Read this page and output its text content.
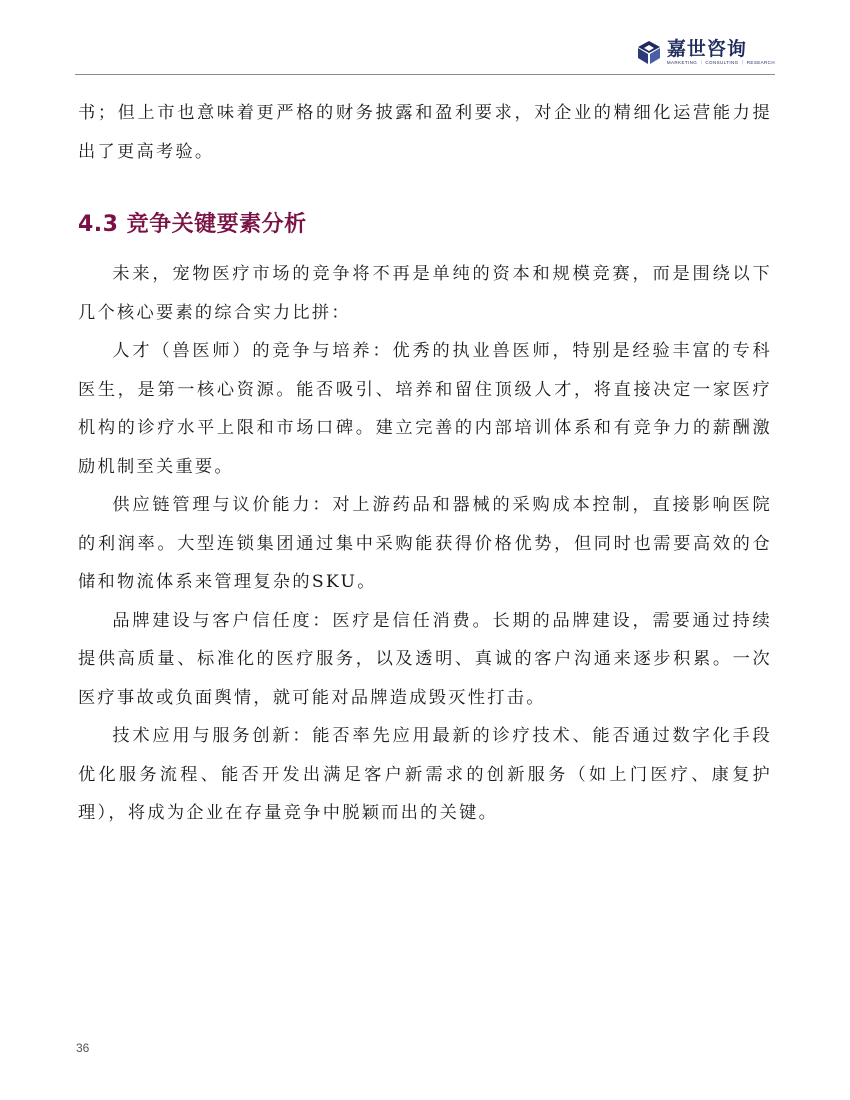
嘉世咨询
MARKETING ｜ CONSULTING ｜ RESEARCH

书；但上市也意味着更严格的财务披露和盈利要求，对企业的精细化运营能力提出了更高考验。

4.3 竞争关键要素分析

未来，宠物医疗市场的竞争将不再是单纯的资本和规模竞赛，而是围绕以下几个核心要素的综合实力比拼：

人才（兽医师）的竞争与培养：优秀的执业兽医师，特别是经验丰富的专科医生，是第一核心资源。能否吸引、培养和留住顶级人才，将直接决定一家医疗机构的诊疗水平上限和市场口碑。建立完善的内部培训体系和有竞争力的薪酬激励机制至关重要。

供应链管理与议价能力：对上游药品和器械的采购成本控制，直接影响医院的利润率。大型连锁集团通过集中采购能获得价格优势，但同时也需要高效的仓储和物流体系来管理复杂的SKU。

品牌建设与客户信任度：医疗是信任消费。长期的品牌建设，需要通过持续提供高质量、标准化的医疗服务，以及透明、真诚的客户沟通来逐步积累。一次医疗事故或负面舆情，就可能对品牌造成毁灭性打击。

技术应用与服务创新：能否率先应用最新的诊疗技术、能否通过数字化手段优化服务流程、能否开发出满足客户新需求的创新服务（如上门医疗、康复护理），将成为企业在存量竞争中脱颖而出的关键。

36
